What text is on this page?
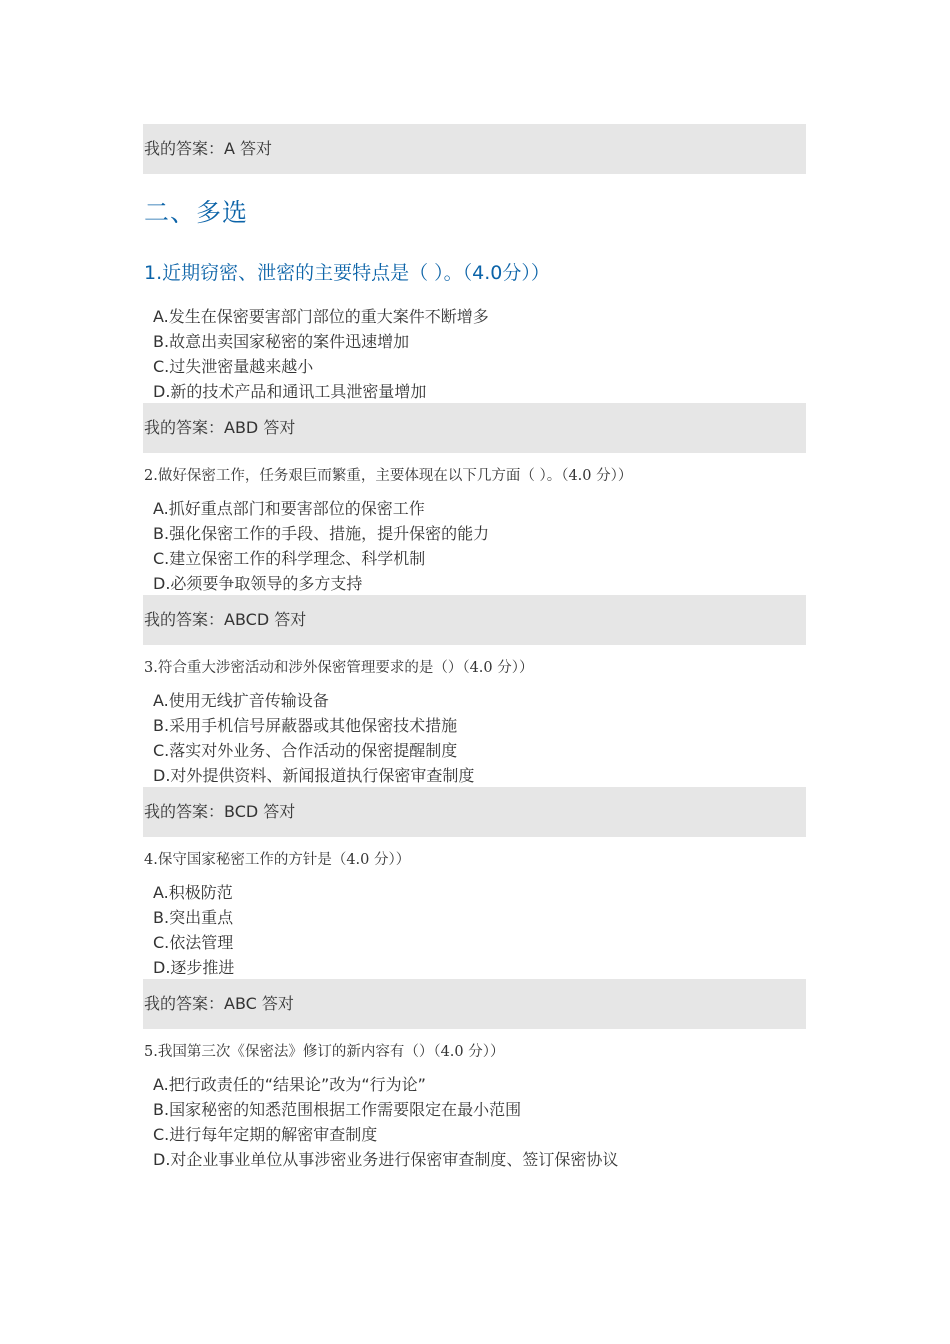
我的答案：A 答对
二、多选
1.近期窃密、泄密的主要特点是（ ）。（4.0分））
A.发生在保密要害部门部位的重大案件不断增多
B.故意出卖国家秘密的案件迅速增加
C.过失泄密量越来越小
D.新的技术产品和通讯工具泄密量增加
我的答案：ABD 答对
2.做好保密工作，任务艰巨而繁重，主要体现在以下几方面（ ）。（4.0 分））
A.抓好重点部门和要害部位的保密工作
B.强化保密工作的手段、措施，提升保密的能力
C.建立保密工作的科学理念、科学机制
D.必须要争取领导的多方支持
我的答案：ABCD 答对
3.符合重大涉密活动和涉外保密管理要求的是（）（4.0 分））
A.使用无线扩音传输设备
B.采用手机信号屏蔽器或其他保密技术措施
C.落实对外业务、合作活动的保密提醒制度
D.对外提供资料、新闻报道执行保密审查制度
我的答案：BCD 答对
4.保守国家秘密工作的方针是（4.0 分））
A.积极防范
B.突出重点
C.依法管理
D.逐步推进
我的答案：ABC 答对
5.我国第三次《保密法》修订的新内容有（）（4.0 分））
A.把行政责任的“结果论”改为“行为论”
B.国家秘密的知悉范围根据工作需要限定在最小范围
C.进行每年定期的解密审查制度
D.对企业事业单位从事涉密业务进行保密审查制度、签订保密协议
